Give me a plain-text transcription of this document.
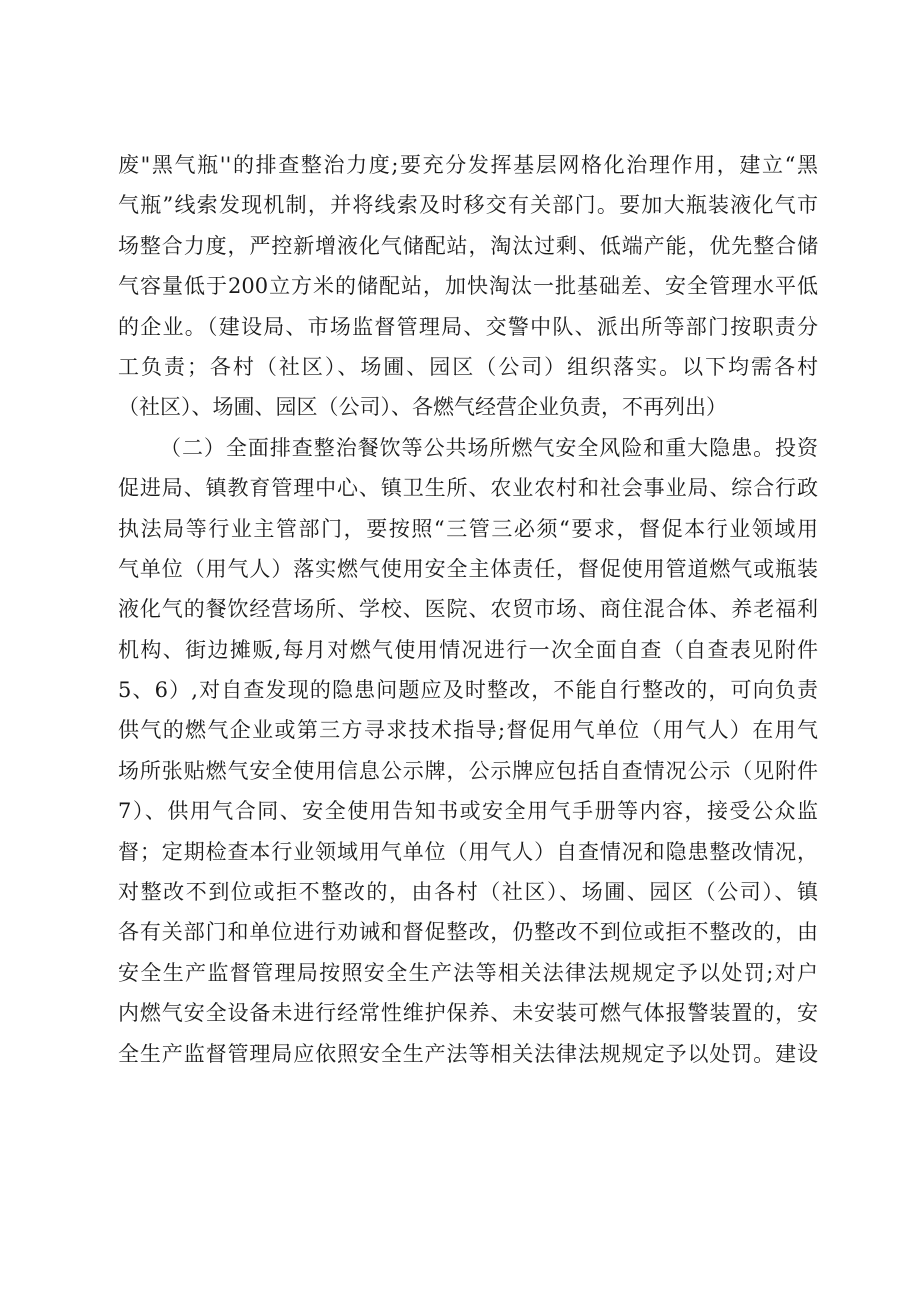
废"黑气瓶''的排查整治力度;要充分发挥基层网格化治理作用，建立“黑
气瓶”线索发现机制，并将线索及时移交有关部门。要加大瓶装液化气市
场整合力度，严控新增液化气储配站，淘汰过剩、低端产能，优先整合储
气容量低于200立方米的储配站，加快淘汰一批基础差、安全管理水平低
的企业。（建设局、市场监督管理局、交警中队、派出所等部门按职责分
工负责；各村（社区）、场圃、园区（公司）组织落实。以下均需各村
（社区）、场圃、园区（公司）、各燃气经营企业负责，不再列出）
（二）全面排查整治餐饮等公共场所燃气安全风险和重大隐患。投资
促进局、镇教育管理中心、镇卫生所、农业农村和社会事业局、综合行政
执法局等行业主管部门，要按照“三管三必须“要求，督促本行业领域用
气单位（用气人）落实燃气使用安全主体责任，督促使用管道燃气或瓶装
液化气的餐饮经营场所、学校、医院、农贸市场、商住混合体、养老福利
机构、街边摊贩,每月对燃气使用情况进行一次全面自查（自查表见附件
5、6）,对自查发现的隐患问题应及时整改，不能自行整改的，可向负责
供气的燃气企业或第三方寻求技术指导;督促用气单位（用气人）在用气
场所张贴燃气安全使用信息公示牌，公示牌应包括自查情况公示（见附件
7）、供用气合同、安全使用告知书或安全用气手册等内容，接受公众监
督；定期检查本行业领域用气单位（用气人）自查情况和隐患整改情况，
对整改不到位或拒不整改的，由各村（社区）、场圃、园区（公司）、镇
各有关部门和单位进行劝诫和督促整改，仍整改不到位或拒不整改的，由
安全生产监督管理局按照安全生产法等相关法律法规规定予以处罚;对户
内燃气安全设备未进行经常性维护保养、未安装可燃气体报警装置的，安
全生产监督管理局应依照安全生产法等相关法律法规规定予以处罚。建设
